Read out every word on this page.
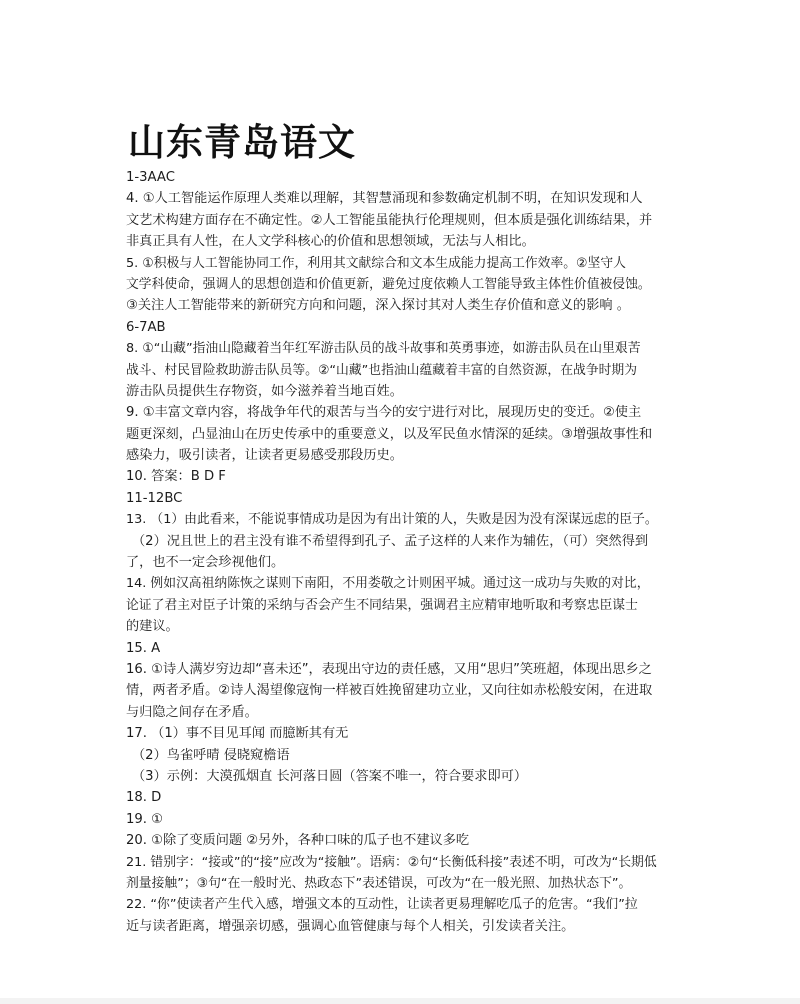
山东青岛语文
1-3AAC
4. ①人工智能运作原理人类难以理解，其智慧涌现和参数确定机制不明，在知识发现和人
文艺术构建方面存在不确定性。②人工智能虽能执行伦理规则，但本质是强化训练结果，并
非真正具有人性，在人文学科核心的价值和思想领域，无法与人相比。
5. ①积极与人工智能协同工作，利用其文献综合和文本生成能力提高工作效率。②坚守人
文学科使命，强调人的思想创造和价值更新，避免过度依赖人工智能导致主体性价值被侵蚀。
③关注人工智能带来的新研究方向和问题，深入探讨其对人类生存价值和意义的影响 。
6-7AB
8. ①“山藏”指油山隐藏着当年红军游击队员的战斗故事和英勇事迹，如游击队员在山里艰苦
战斗、村民冒险救助游击队员等。②“山藏”也指油山蕴藏着丰富的自然资源，在战争时期为
游击队员提供生存物资，如今滋养着当地百姓。
9. ①丰富文章内容，将战争年代的艰苦与当今的安宁进行对比，展现历史的变迁。②使主
题更深刻，凸显油山在历史传承中的重要意义，以及军民鱼水情深的延续。③增强故事性和
感染力，吸引读者，让读者更易感受那段历史。
10. 答案：B D F
11-12BC
13. （1）由此看来，不能说事情成功是因为有出计策的人，失败是因为没有深谋远虑的臣子。
（2）况且世上的君主没有谁不希望得到孔子、孟子这样的人来作为辅佐，（可）突然得到
了，也不一定会珍视他们。
14. 例如汉高祖纳陈恢之谋则下南阳，不用娄敬之计则困平城。通过这一成功与失败的对比，
论证了君主对臣子计策的采纳与否会产生不同结果，强调君主应精审地听取和考察忠臣谋士
的建议。
15. A
16. ①诗人满岁穷边却“喜未还”，表现出守边的责任感，又用“思归”笑班超，体现出思乡之
情，两者矛盾。②诗人渴望像寇恂一样被百姓挽留建功立业，又向往如赤松般安闲，在进取
与归隐之间存在矛盾。
17. （1）事不目见耳闻 而臆断其有无
（2）鸟雀呼晴 侵晓窥檐语
（3）示例：大漠孤烟直 长河落日圆（答案不唯一，符合要求即可）
18. D
19. ①
20. ①除了变质问题 ②另外，各种口味的瓜子也不建议多吃
21. 错别字：“接或”的“接”应改为“接触”。语病：②句“长衡低科接”表述不明，可改为“长期低
剂量接触”；③句“在一般时光、热政态下”表述错误，可改为“在一般光照、加热状态下”。
22. “你”使读者产生代入感，增强文本的互动性，让读者更易理解吃瓜子的危害。“我们”拉
近与读者距离，增强亲切感，强调心血管健康与每个人相关，引发读者关注。
